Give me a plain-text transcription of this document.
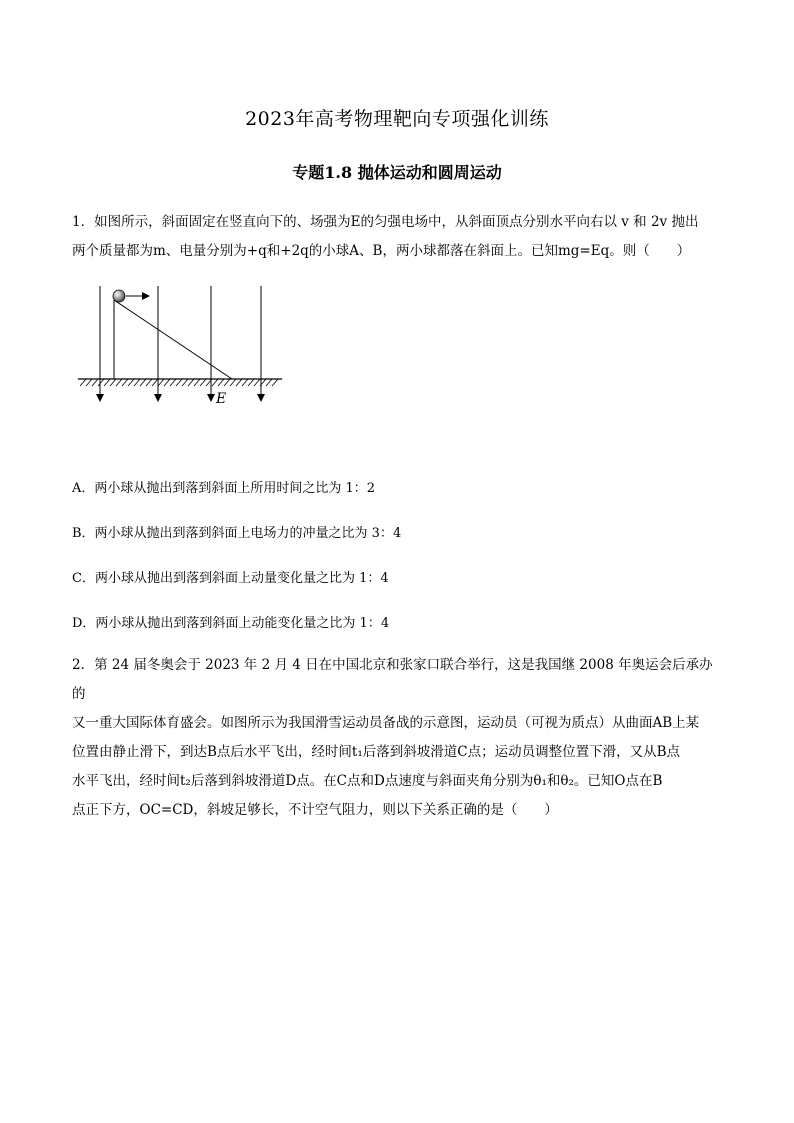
2023年高考物理靶向专项强化训练
专题1.8 抛体运动和圆周运动
1．如图所示，斜面固定在竖直向下的、场强为E的匀强电场中，从斜面顶点分别水平向右以 v 和 2v 抛出
两个质量都为m、电量分别为+q和+2q的小球A、B，两小球都落在斜面上。已知mg=Eq。则（　　）
E
A．两小球从抛出到落到斜面上所用时间之比为 1：2
B．两小球从抛出到落到斜面上电场力的冲量之比为 3：4
C．两小球从抛出到落到斜面上动量变化量之比为 1：4
D．两小球从抛出到落到斜面上动能变化量之比为 1：4
2．第 24 届冬奥会于 2023 年 2 月 4 日在中国北京和张家口联合举行，这是我国继 2008 年奥运会后承办的
又一重大国际体育盛会。如图所示为我国滑雪运动员备战的示意图，运动员（可视为质点）从曲面AB上某
位置由静止滑下，到达B点后水平飞出，经时间t₁后落到斜坡滑道C点；运动员调整位置下滑，又从B点
水平飞出，经时间t₂后落到斜坡滑道D点。在C点和D点速度与斜面夹角分别为θ₁和θ₂。已知O点在B
点正下方，OC=CD，斜坡足够长，不计空气阻力，则以下关系正确的是（　　）
